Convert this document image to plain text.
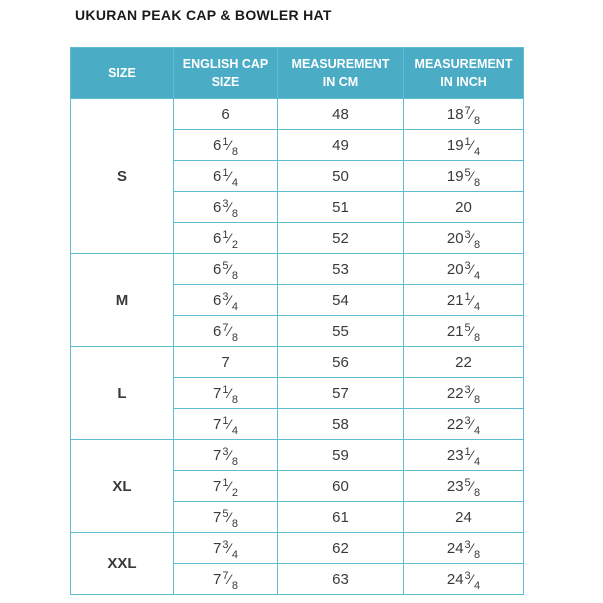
UKURAN PEAK CAP & BOWLER HAT
SIZE	ENGLISH CAP SIZE	MEASUREMENT IN CM	MEASUREMENT IN INCH
S	6	48	$18^7⁄_8$
	$6^1⁄_8$	49	$19^1⁄_4$
	$6^1⁄_4$	50	$19^5⁄_8$
	$6^3⁄_8$	51	20
	$6^1⁄_2$	52	$20^3⁄_8$
M	$6^5⁄_8$	53	$20^3⁄_4$
	$6^3⁄_4$	54	$21^1⁄_4$
	$6^7⁄_8$	55	$21^5⁄_8$
L	7	56	22
	$7^1⁄_8$	57	$22^3⁄_8$
	$7^1⁄_4$	58	$22^3⁄_4$
XL	$7^3⁄_8$	59	$23^1⁄_4$
	$7^1⁄_2$	60	$23^5⁄_8$
	$7^5⁄_8$	61	24
XXL	$7^3⁄_4$	62	$24^3⁄_8$
	$7^7⁄_8$	63	$24^3⁄_4$
